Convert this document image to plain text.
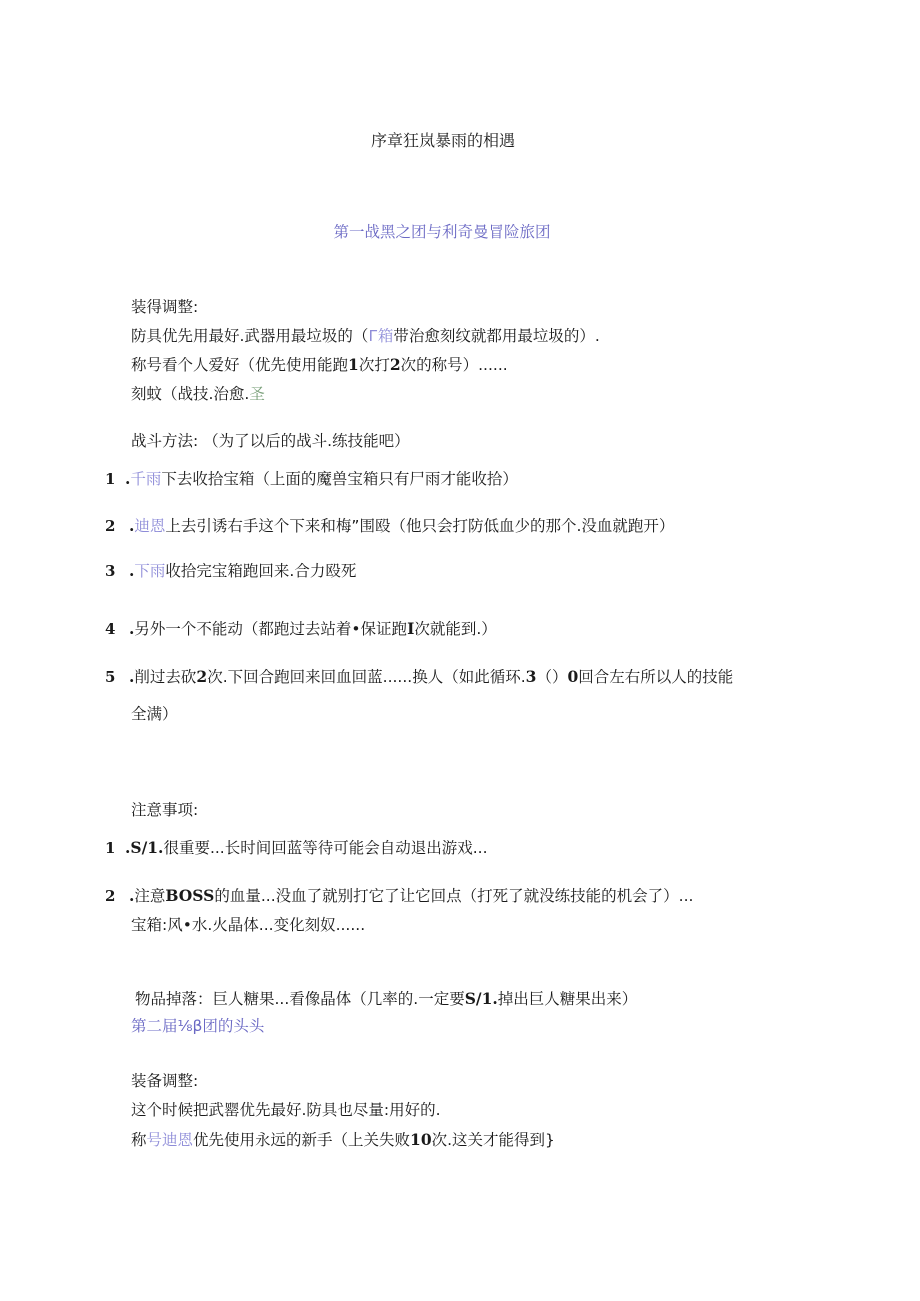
序章狂岚暴雨的相遇
第一战黑之团与利奇曼冒险旅团
装得调整:
防具优先用最好.武器用最垃圾的（Г箱带治愈刻纹就都用最垃圾的）.
称号看个人爱好（优先使用能跑1次打2次的称号）......
刻蚊（战技.治愈.圣
战斗方法: （为了以后的战斗.练技能吧）
1 .千雨下去收拾宝箱（上面的魔兽宝箱只有尸雨才能收拾）
2 .迪恩上去引诱右手这个下来和梅”围殴（他只会打防低血少的那个.没血就跑开）
3 .下雨收拾完宝箱跑回来.合力殴死
4 .另外一个不能动（都跑过去站着•保证跑I次就能到.）
5 .削过去砍2次.下回合跑回来回血回蓝......换人（如此循环.3（）0回合左右所以人的技能
全满）
注意事项:
1 .S/1.很重要...长时间回蓝等待可能会自动退出游戏...
2 .注意BOSS的血量...没血了就别打它了让它回点（打死了就没练技能的机会了）...
宝箱:风•水.火晶体...变化刻奴......
物品掉落：巨人糖果...看像晶体（几率的.一定要S/1.掉出巨人糖果出来）
第二届⅛β团的头头
装备调整:
这个时候把武罂优先最好.防具也尽量:用好的.
称号迪恩优先使用永远的新手（上关失败10次.这关才能得到}
